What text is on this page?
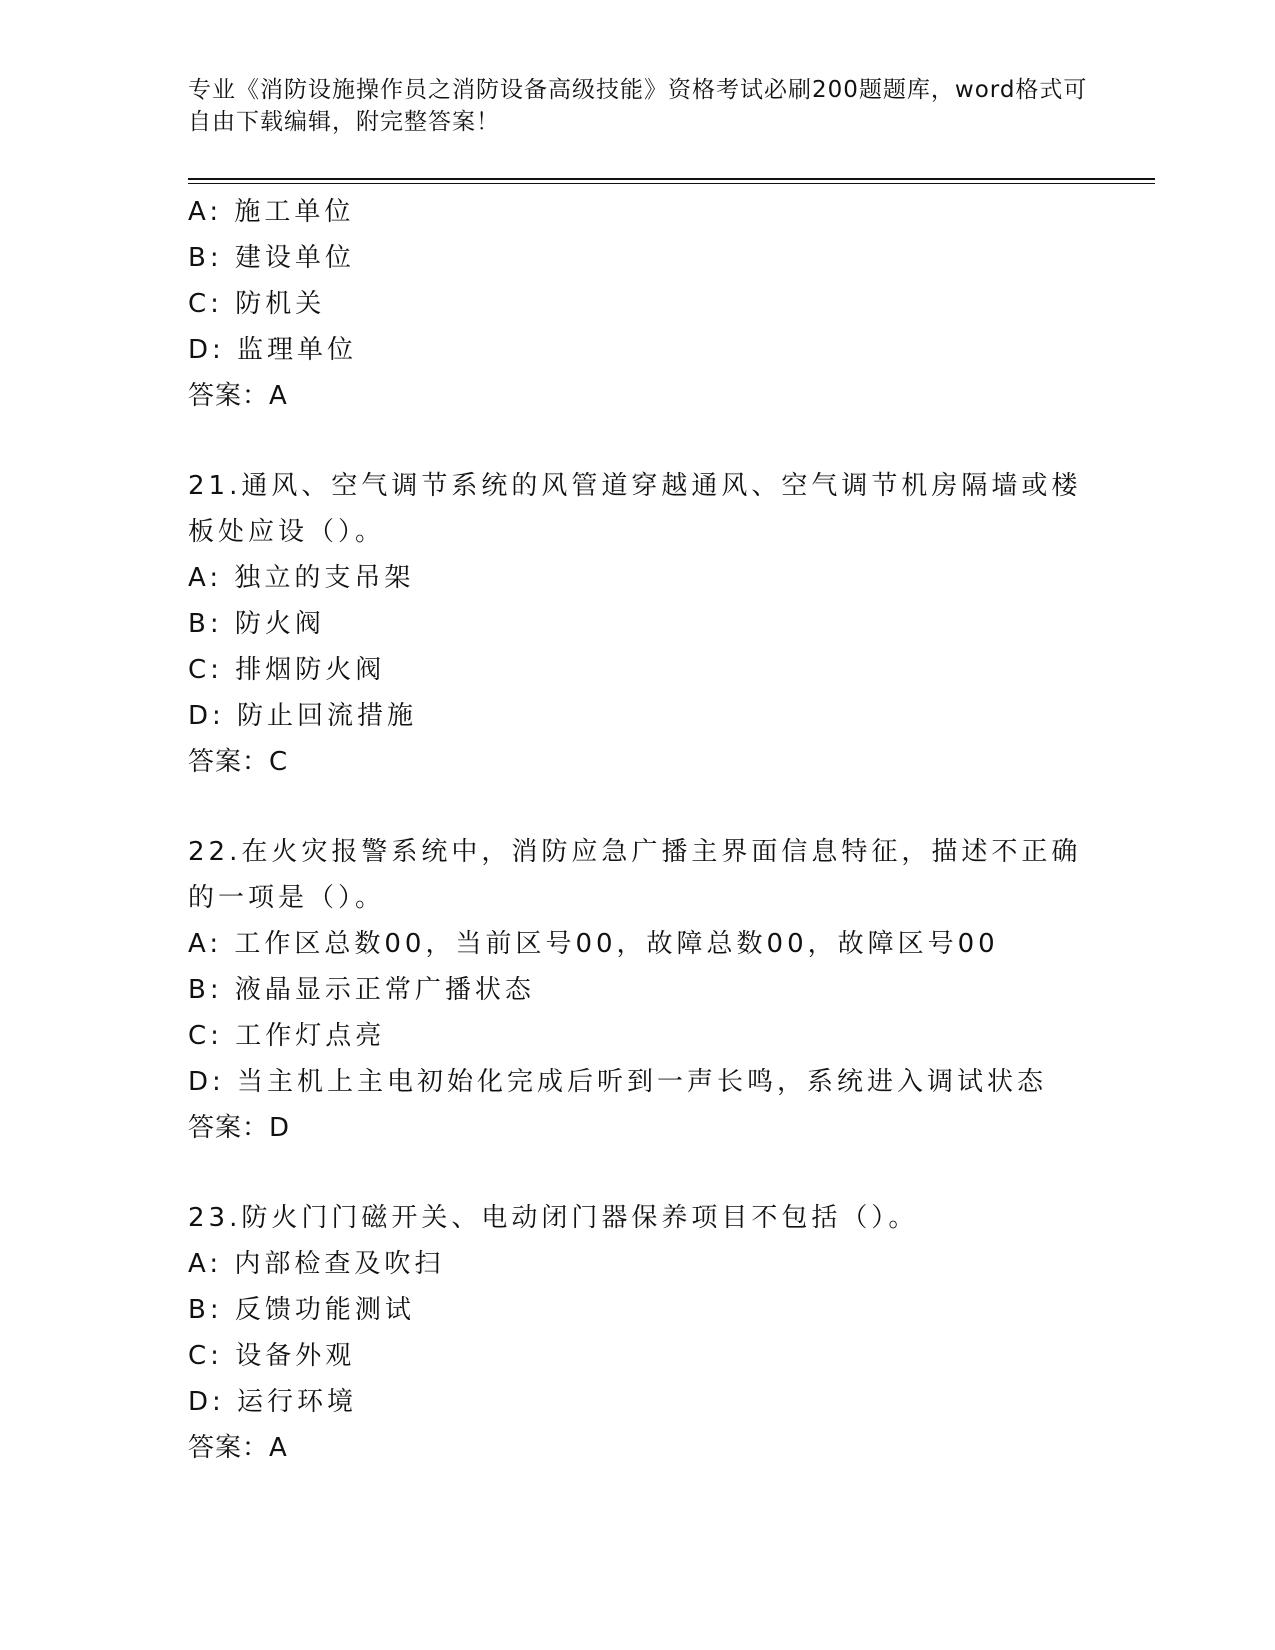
专业《消防设施操作员之消防设备高级技能》资格考试必刷200题题库，word格式可自由下载编辑，附完整答案！
A: 施工单位
B: 建设单位
C: 防机关
D: 监理单位
答案：A
21.通风、空气调节系统的风管道穿越通风、空气调节机房隔墙或楼板处应设（）。
A: 独立的支吊架
B: 防火阀
C: 排烟防火阀
D: 防止回流措施
答案：C
22.在火灾报警系统中，消防应急广播主界面信息特征，描述不正确的一项是（）。
A: 工作区总数00，当前区号00，故障总数00，故障区号00
B: 液晶显示正常广播状态
C: 工作灯点亮
D: 当主机上主电初始化完成后听到一声长鸣，系统进入调试状态
答案：D
23.防火门门磁开关、电动闭门器保养项目不包括（）。
A: 内部检查及吹扫
B: 反馈功能测试
C: 设备外观
D: 运行环境
答案：A
